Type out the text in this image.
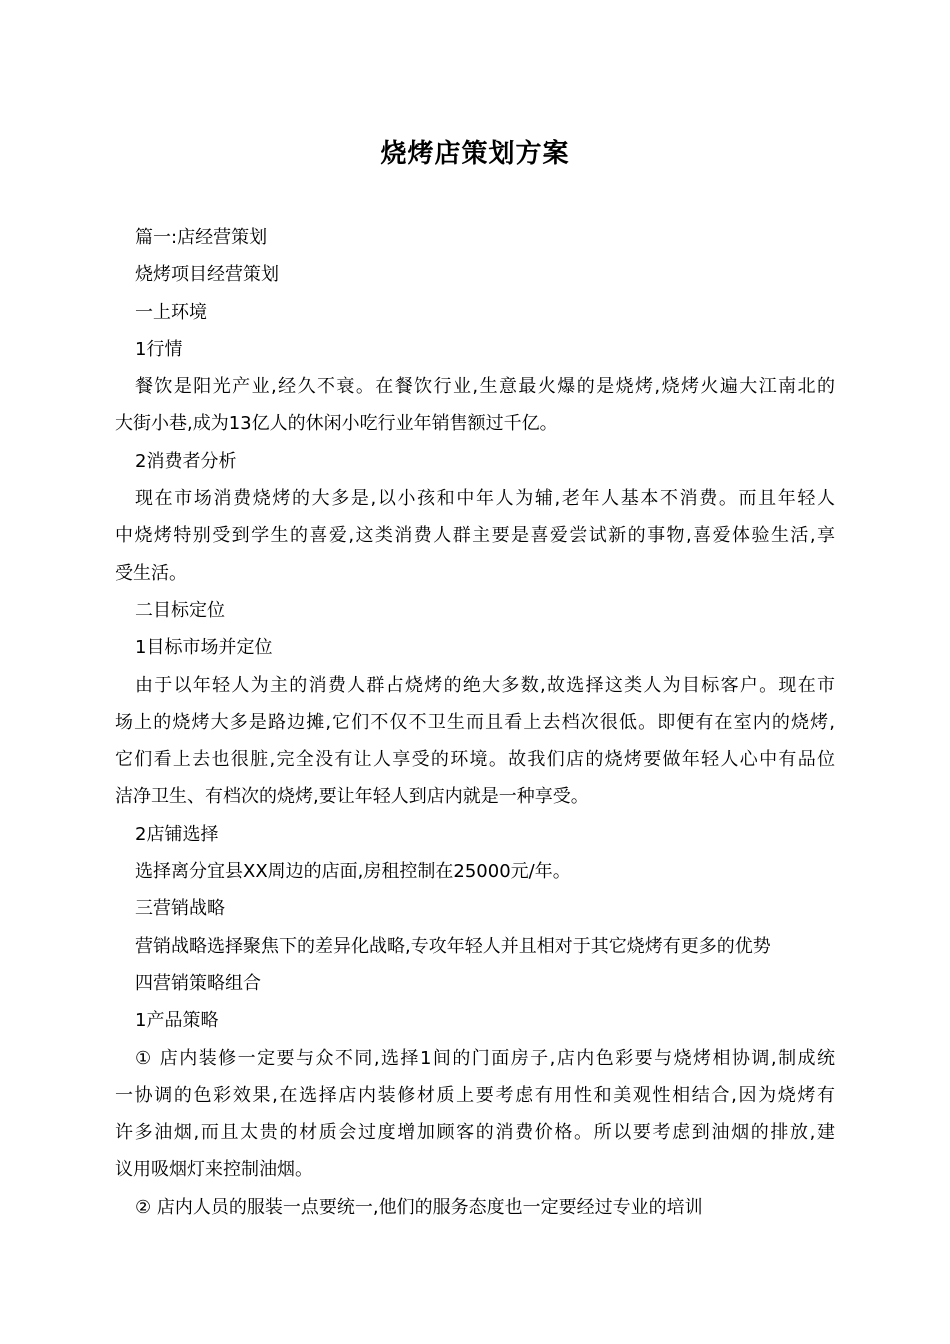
烧烤店策划方案
篇一:店经营策划
烧烤项目经营策划
一上环境
1行情
餐饮是阳光产业,经久不衰。在餐饮行业,生意最火爆的是烧烤,烧烤火遍大江南北的
大街小巷,成为13亿人的休闲小吃行业年销售额过千亿。
2消费者分析
现在市场消费烧烤的大多是,以小孩和中年人为辅,老年人基本不消费。而且年轻人
中烧烤特别受到学生的喜爱,这类消费人群主要是喜爱尝试新的事物,喜爱体验生活,享
受生活。
二目标定位
1目标市场并定位
由于以年轻人为主的消费人群占烧烤的绝大多数,故选择这类人为目标客户。现在市
场上的烧烤大多是路边摊,它们不仅不卫生而且看上去档次很低。即便有在室内的烧烤,
它们看上去也很脏,完全没有让人享受的环境。故我们店的烧烤要做年轻人心中有品位
洁净卫生、有档次的烧烤,要让年轻人到店内就是一种享受。
2店铺选择
选择离分宜县XX周边的店面,房租控制在25000元/年。
三营销战略
营销战略选择聚焦下的差异化战略,专攻年轻人并且相对于其它烧烤有更多的优势
四营销策略组合
1产品策略
① 店内装修一定要与众不同,选择1间的门面房子,店内色彩要与烧烤相协调,制成统
一协调的色彩效果,在选择店内装修材质上要考虑有用性和美观性相结合,因为烧烤有
许多油烟,而且太贵的材质会过度增加顾客的消费价格。所以要考虑到油烟的排放,建
议用吸烟灯来控制油烟。
② 店内人员的服装一点要统一,他们的服务态度也一定要经过专业的培训
